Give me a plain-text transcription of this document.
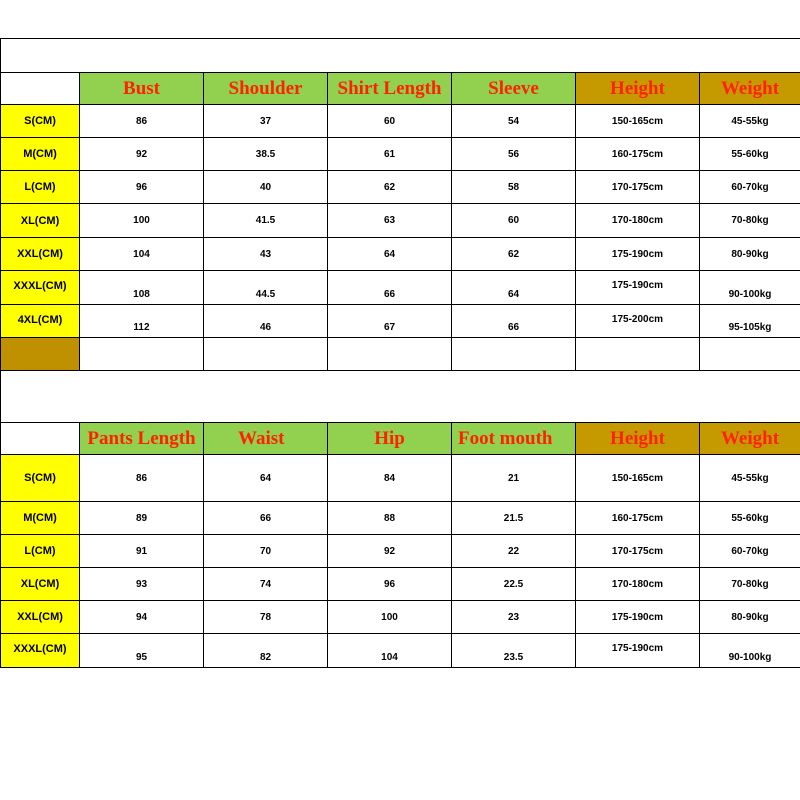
	Bust	Shoulder	Shirt Length	Sleeve	Height	Weight
S(CM)	86	37	60	54	150-165cm	45-55kg
M(CM)	92	38.5	61	56	160-175cm	55-60kg
L(CM)	96	40	62	58	170-175cm	60-70kg
XL(CM)	100	41.5	63	60	170-180cm	70-80kg
XXL(CM)	104	43	64	62	175-190cm	80-90kg
XXXL(CM)	108	44.5	66	64	175-190cm	90-100kg
4XL(CM)	112	46	67	66	175-200cm	95-105kg

	Pants Length	Waist	Hip	Foot mouth	Height	Weight
S(CM)	86	64	84	21	150-165cm	45-55kg
M(CM)	89	66	88	21.5	160-175cm	55-60kg
L(CM)	91	70	92	22	170-175cm	60-70kg
XL(CM)	93	74	96	22.5	170-180cm	70-80kg
XXL(CM)	94	78	100	23	175-190cm	80-90kg
XXXL(CM)	95	82	104	23.5	175-190cm	90-100kg
